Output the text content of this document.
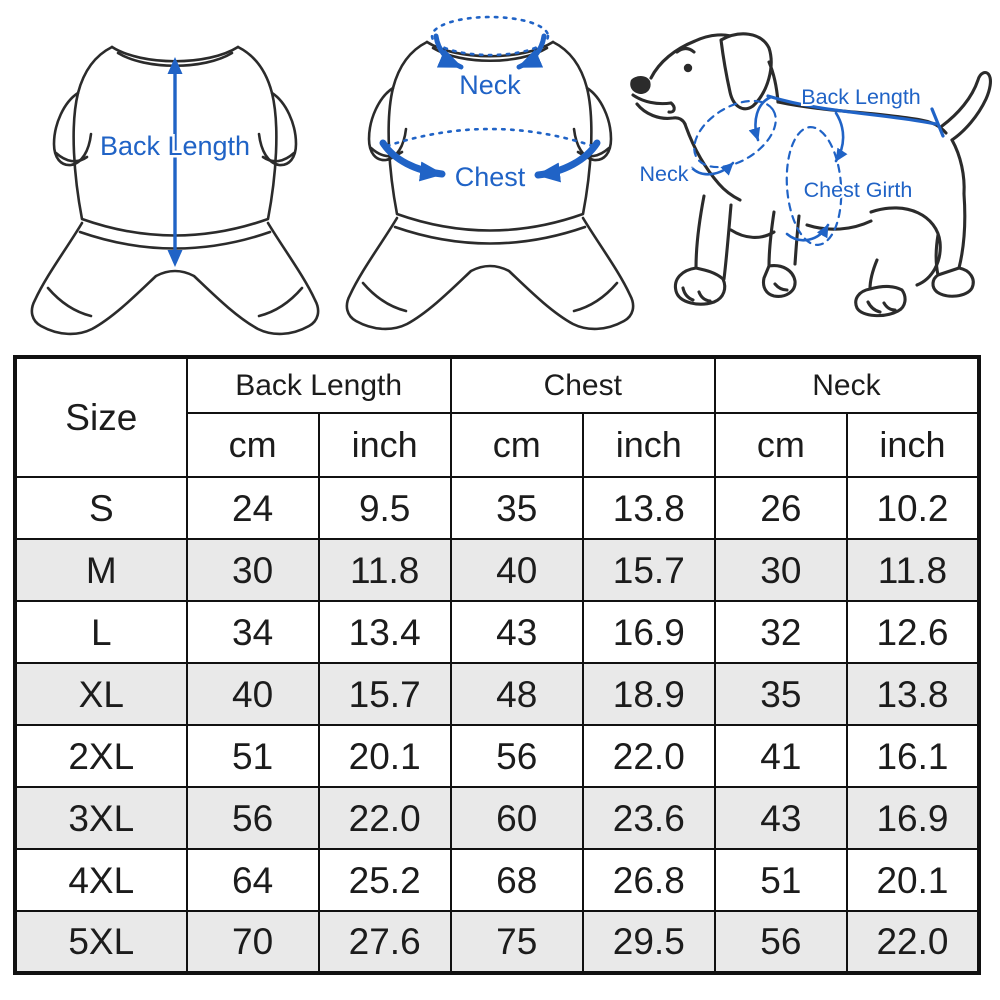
Back Length
Neck
Chest
Back Length
Neck
Chest Girth
Size	Back Length		Chest		Neck	
	cm	inch	cm	inch	cm	inch
S	24	9.5	35	13.8	26	10.2
M	30	11.8	40	15.7	30	11.8
L	34	13.4	43	16.9	32	12.6
XL	40	15.7	48	18.9	35	13.8
2XL	51	20.1	56	22.0	41	16.1
3XL	56	22.0	60	23.6	43	16.9
4XL	64	25.2	68	26.8	51	20.1
5XL	70	27.6	75	29.5	56	22.0
